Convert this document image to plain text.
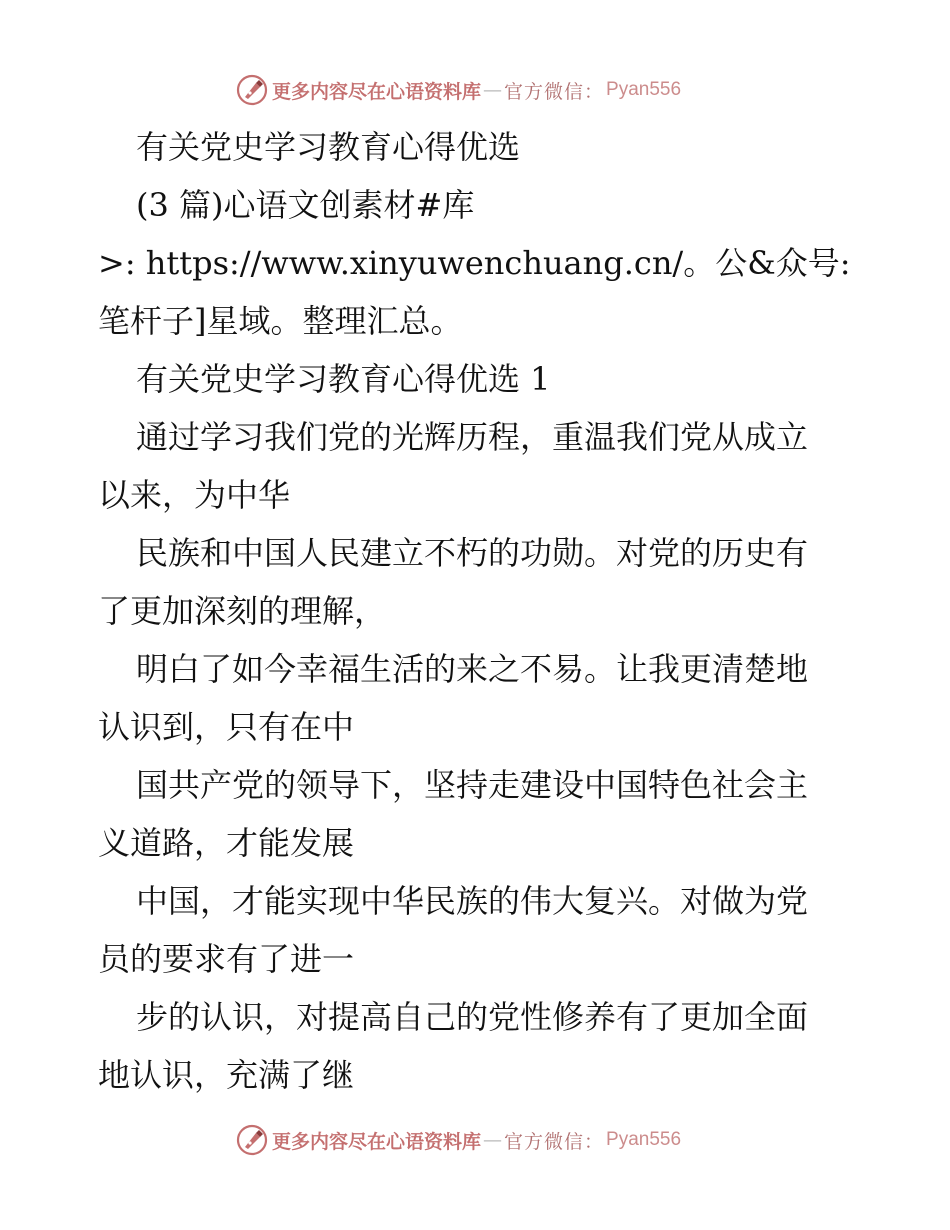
更多内容尽在心语资料库 — 官方微信： Pyan556
有关党史学习教育心得优选
(3 篇)心语文创素材#库
>: https://www.xinyuwenchuang.cn/。公&众号:
笔杆子]星域。整理汇总。
有关党史学习教育心得优选 1
通过学习我们党的光辉历程，重温我们党从成立
以来，为中华
民族和中国人民建立不朽的功勋。对党的历史有
了更加深刻的理解，
明白了如今幸福生活的来之不易。让我更清楚地
认识到，只有在中
国共产党的领导下，坚持走建设中国特色社会主
义道路，才能发展
中国，才能实现中华民族的伟大复兴。对做为党
员的要求有了进一
步的认识，对提高自己的党性修养有了更加全面
地认识，充满了继
更多内容尽在心语资料库 — 官方微信： Pyan556
